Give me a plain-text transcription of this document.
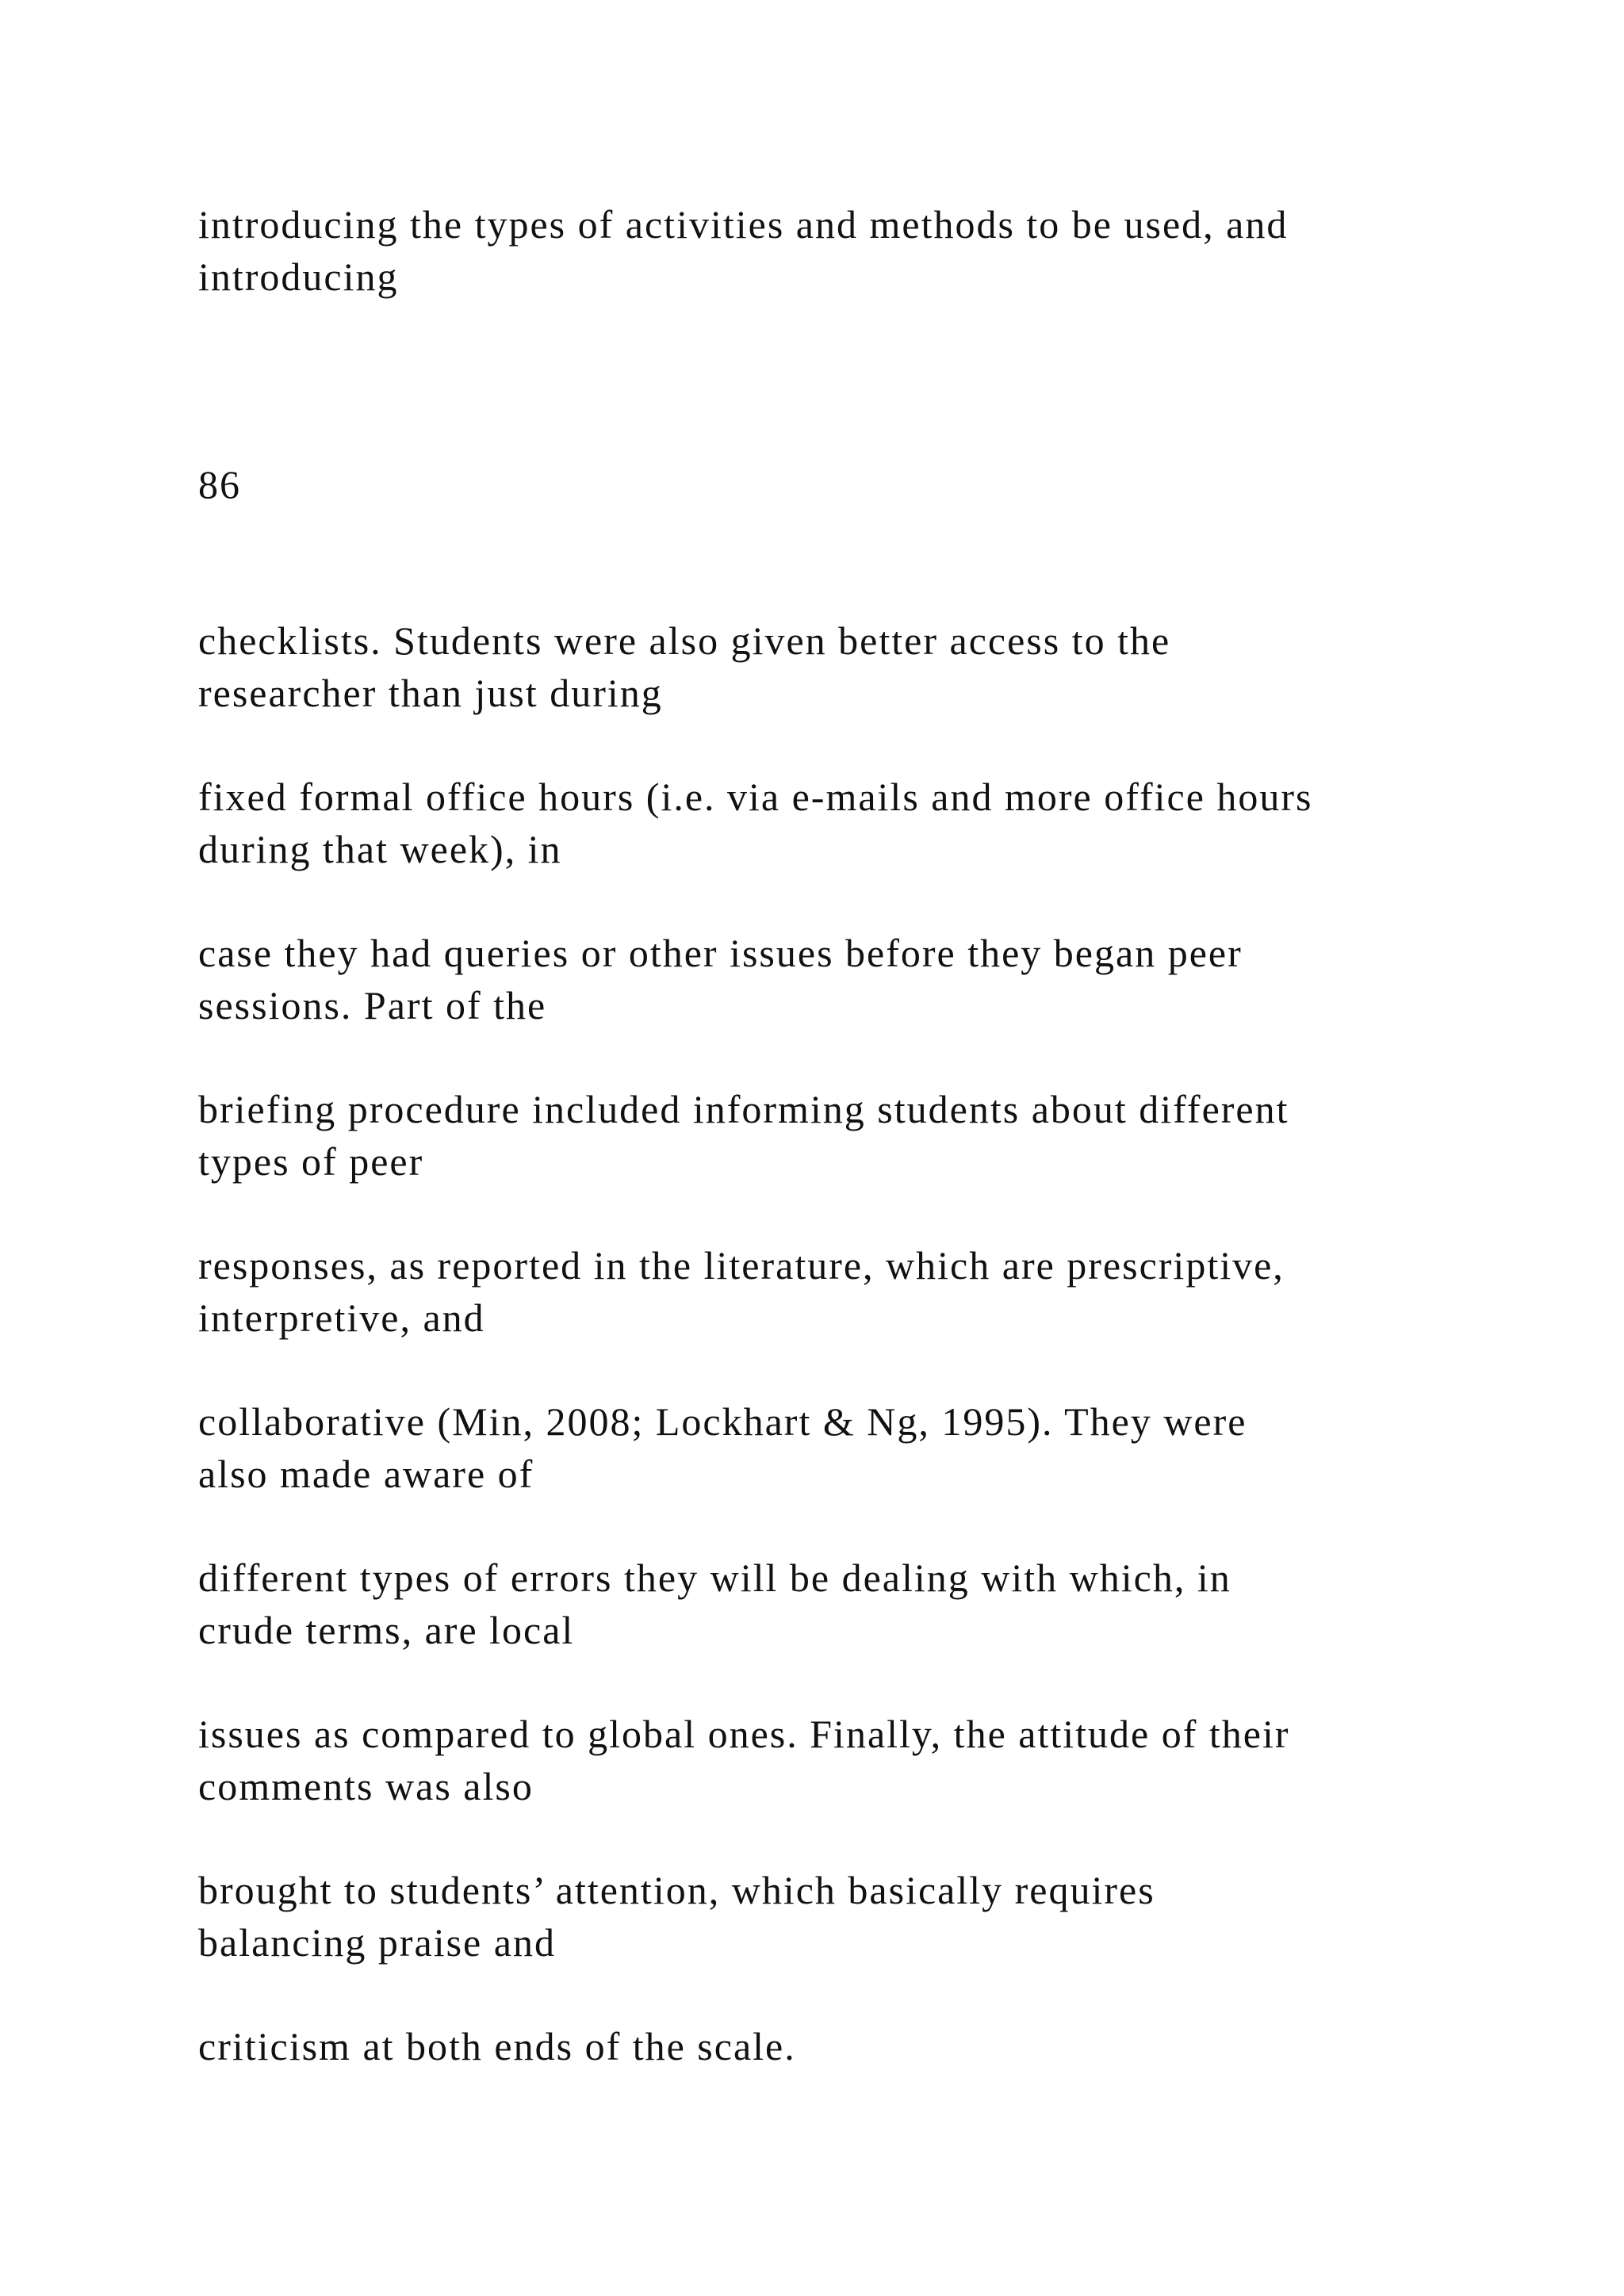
introducing the types of activities and methods to be used, and

introducing

86

checklists. Students were also given better access to the

researcher than just during

fixed formal office hours (i.e. via e-mails and more office hours

during that week), in

case they had queries or other issues before they began peer

sessions. Part of the

briefing procedure included informing students about different

types of peer

responses, as reported in the literature, which are prescriptive,

interpretive, and

collaborative (Min, 2008; Lockhart & Ng, 1995). They were

also made aware of

different types of errors they will be dealing with which, in

crude terms, are local

issues as compared to global ones. Finally, the attitude of their

comments was also

brought to students’ attention, which basically requires

balancing praise and

criticism at both ends of the scale.
